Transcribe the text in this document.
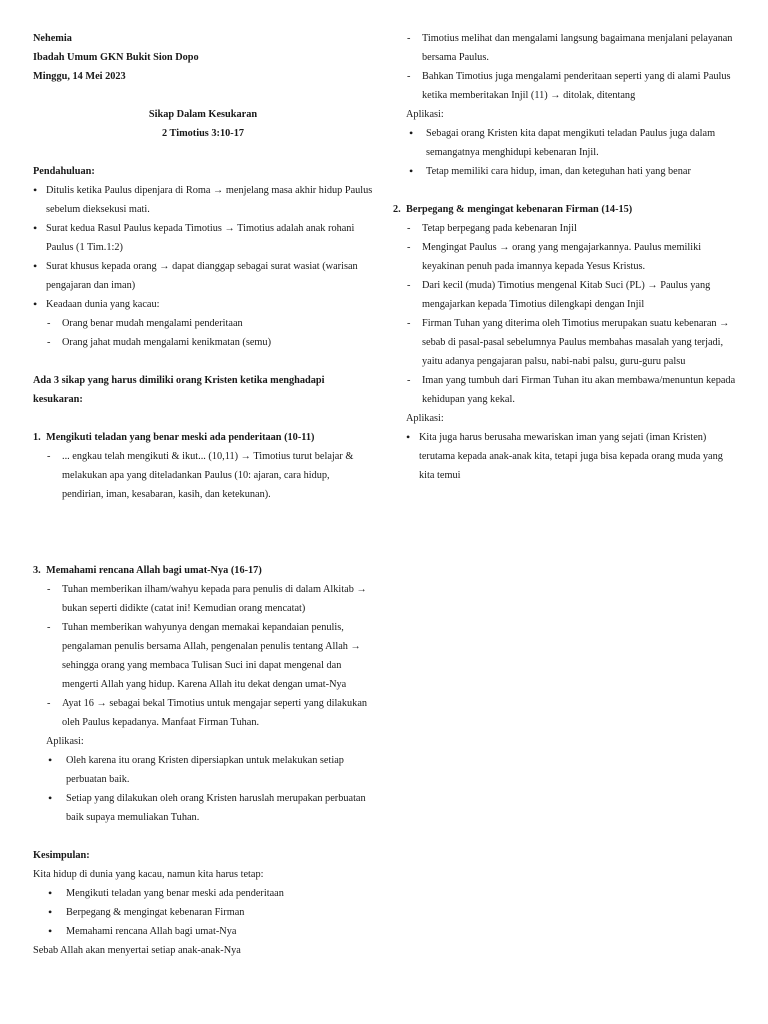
Nehemia
Ibadah Umum GKN Bukit Sion Dopo
Minggu, 14 Mei 2023
Sikap Dalam Kesukaran
2 Timotius 3:10-17
Pendahuluan:
• Ditulis ketika Paulus dipenjara di Roma → menjelang masa akhir hidup Paulus sebelum dieksekusi mati.
• Surat kedua Rasul Paulus kepada Timotius → Timotius adalah anak rohani Paulus (1 Tim.1:2)
• Surat khusus kepada orang → dapat dianggap sebagai surat wasiat (warisan pengajaran dan iman)
• Keadaan dunia yang kacau:
- Orang benar mudah mengalami penderitaan
- Orang jahat mudah mengalami kenikmatan (semu)
Ada 3 sikap yang harus dimiliki orang Kristen ketika menghadapi kesukaran:
1. Mengikuti teladan yang benar meski ada penderitaan (10-11)
- ... engkau telah mengikuti & ikut... (10,11) → Timotius turut belajar & melakukan apa yang diteladankan Paulus (10: ajaran, cara hidup, pendirian, iman, kesabaran, kasih, dan ketekunan).
3. Memahami rencana Allah bagi umat-Nya (16-17)
- Tuhan memberikan ilham/wahyu kepada para penulis di dalam Alkitab → bukan seperti didikte (catat ini! Kemudian orang mencatat)
- Tuhan memberikan wahyunya dengan memakai kepandaian penulis, pengalaman penulis bersama Allah, pengenalan penulis tentang Allah → sehingga orang yang membaca Tulisan Suci ini dapat mengenal dan mengerti Allah yang hidup. Karena Allah itu dekat dengan umat-Nya
- Ayat 16 → sebagai bekal Timotius untuk mengajar seperti yang dilakukan oleh Paulus kepadanya. Manfaat Firman Tuhan.
Aplikasi:
• Oleh karena itu orang Kristen dipersiapkan untuk melakukan setiap perbuatan baik.
• Setiap yang dilakukan oleh orang Kristen haruslah merupakan perbuatan baik supaya memuliakan Tuhan.
Kesimpulan:
Kita hidup di dunia yang kacau, namun kita harus tetap:
• Mengikuti teladan yang benar meski ada penderitaan
• Berpegang & mengingat kebenaran Firman
• Memahami rencana Allah bagi umat-Nya
Sebab Allah akan menyertai setiap anak-anak-Nya
- Timotius melihat dan mengalami langsung bagaimana menjalani pelayanan bersama Paulus.
- Bahkan Timotius juga mengalami penderitaan seperti yang di alami Paulus ketika memberitakan Injil (11) → ditolak, ditentang
Aplikasi:
• Sebagai orang Kristen kita dapat mengikuti teladan Paulus juga dalam semangatnya menghidupi kebenaran Injil.
• Tetap memiliki cara hidup, iman, dan keteguhan hati yang benar
2. Berpegang & mengingat kebenaran Firman (14-15)
- Tetap berpegang pada kebenaran Injil
- Mengingat Paulus → orang yang mengajarkannya. Paulus memiliki keyakinan penuh pada imannya kepada Yesus Kristus.
- Dari kecil (muda) Timotius mengenal Kitab Suci (PL) → Paulus yang mengajarkan kepada Timotius dilengkapi dengan Injil
- Firman Tuhan yang diterima oleh Timotius merupakan suatu kebenaran → sebab di pasal-pasal sebelumnya Paulus membahas masalah yang terjadi, yaitu adanya pengajaran palsu, nabi-nabi palsu, guru-guru palsu
- Iman yang tumbuh dari Firman Tuhan itu akan membawa/menuntun kepada kehidupan yang kekal.
Aplikasi:
• Kita juga harus berusaha mewariskan iman yang sejati (iman Kristen) terutama kepada anak-anak kita, tetapi juga bisa kepada orang muda yang kita temui
